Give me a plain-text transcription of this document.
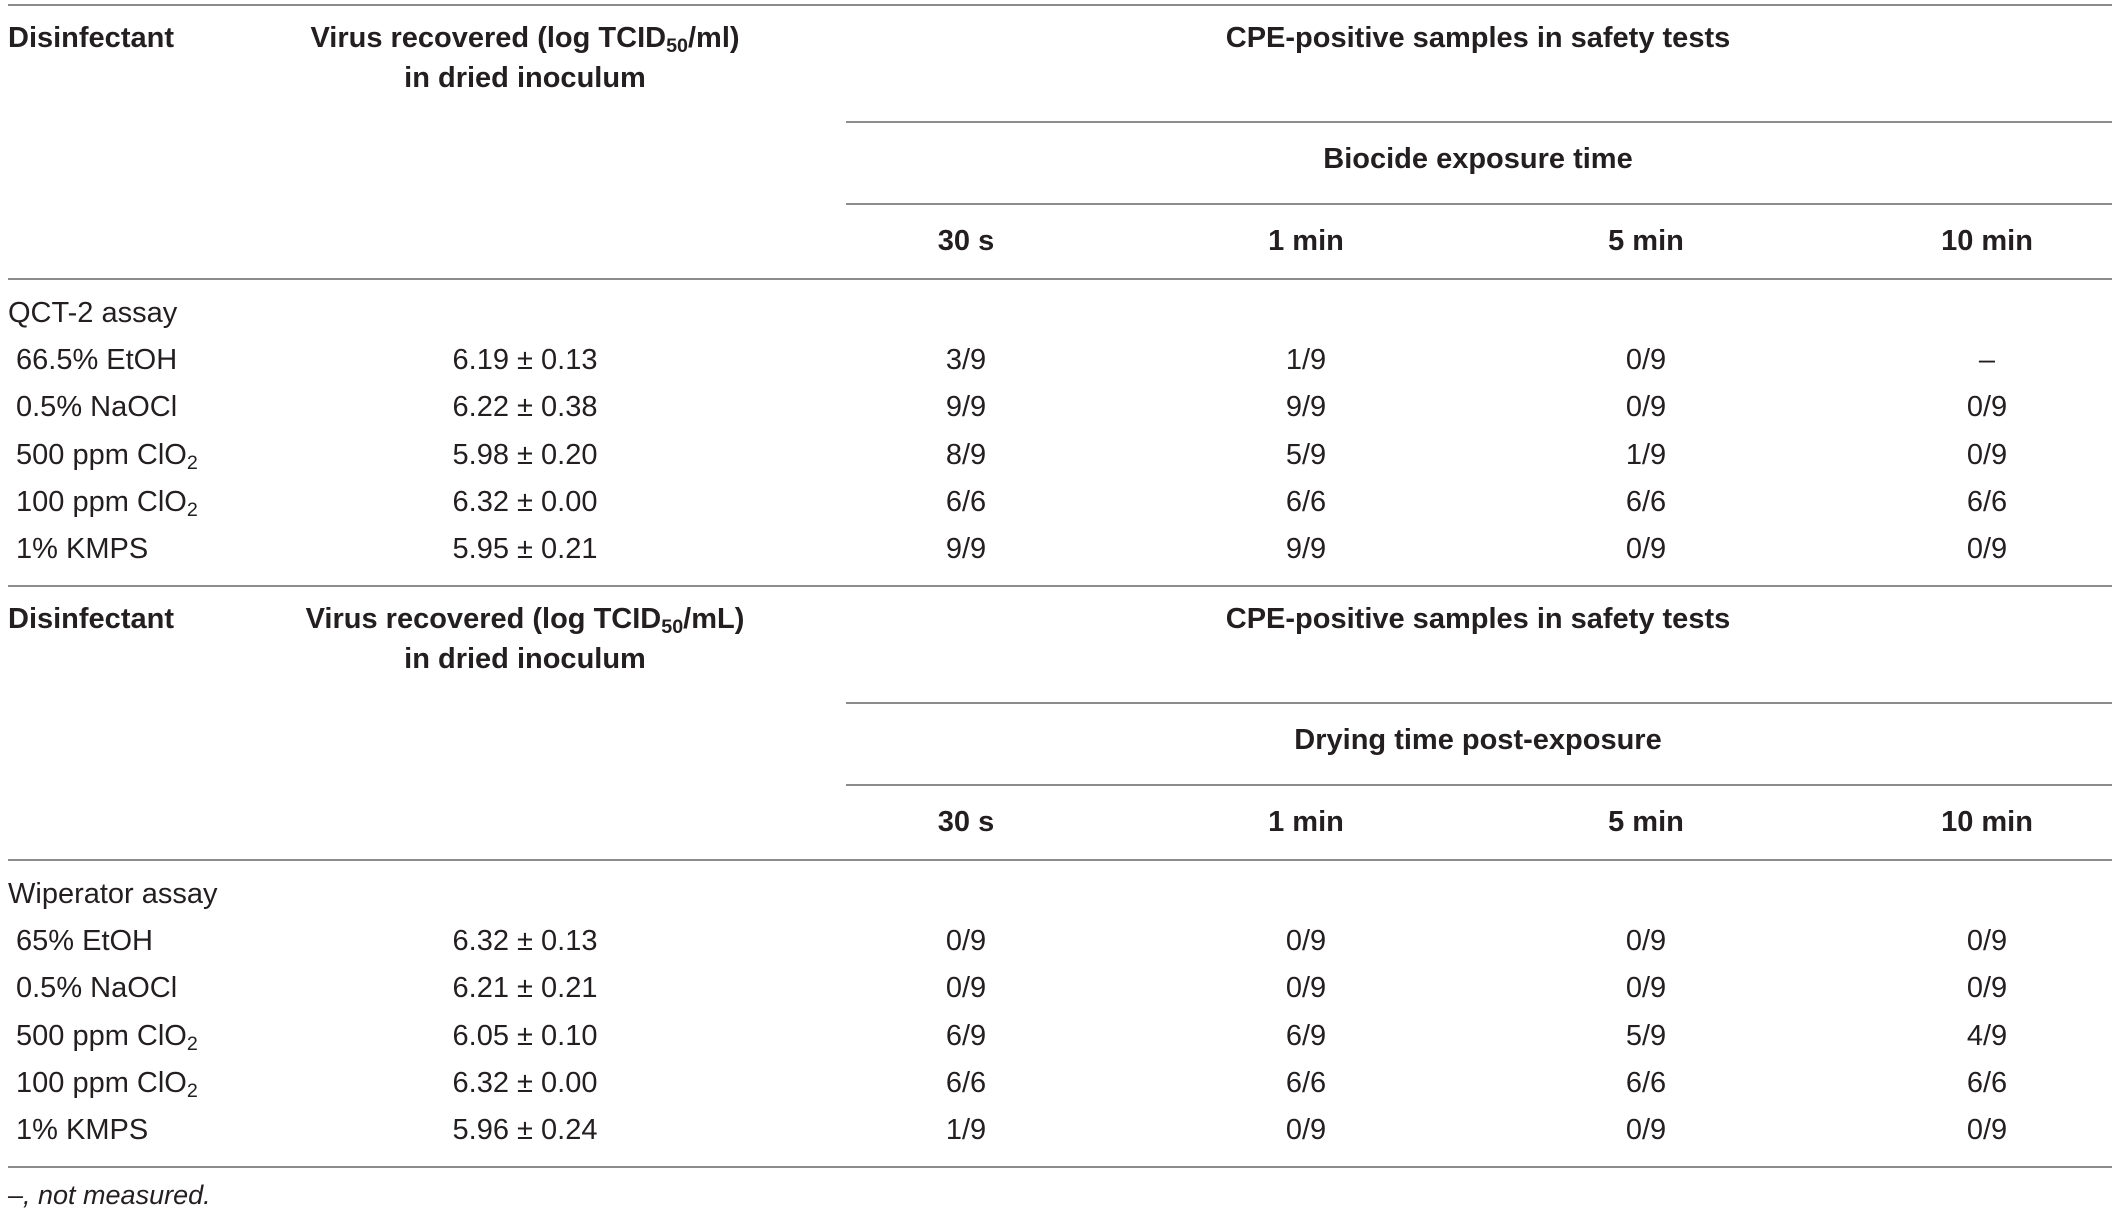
Disinfectant	Virus recovered (log $TCID_{50}/ml$)
in dried inoculum
CPE-positive samples in safety tests
Biocide exposure time
30 s	1 min	5 min	10 min
QCT-2 assay
66.5% EtOH	6.19 ± 0.13	3/9	1/9	0/9	–
0.5% NaOCl	6.22 ± 0.38	9/9	9/9	0/9	0/9
500 ppm ClO$_2$	5.98 ± 0.20	8/9	5/9	1/9	0/9
100 ppm ClO$_2$	6.32 ± 0.00	6/6	6/6	6/6	6/6
1% KMPS	5.95 ± 0.21	9/9	9/9	0/9	0/9
Disinfectant	Virus recovered (log $TCID_{50}/mL$)
in dried inoculum
CPE-positive samples in safety tests
Drying time post-exposure
30 s	1 min	5 min	10 min
Wiperator assay
65% EtOH	6.32 ± 0.13	0/9	0/9	0/9	0/9
0.5% NaOCl	6.21 ± 0.21	0/9	0/9	0/9	0/9
500 ppm ClO$_2$	6.05 ± 0.10	6/9	6/9	5/9	4/9
100 ppm ClO$_2$	6.32 ± 0.00	6/6	6/6	6/6	6/6
1% KMPS	5.96 ± 0.24	1/9	0/9	0/9	0/9
–, not measured.
